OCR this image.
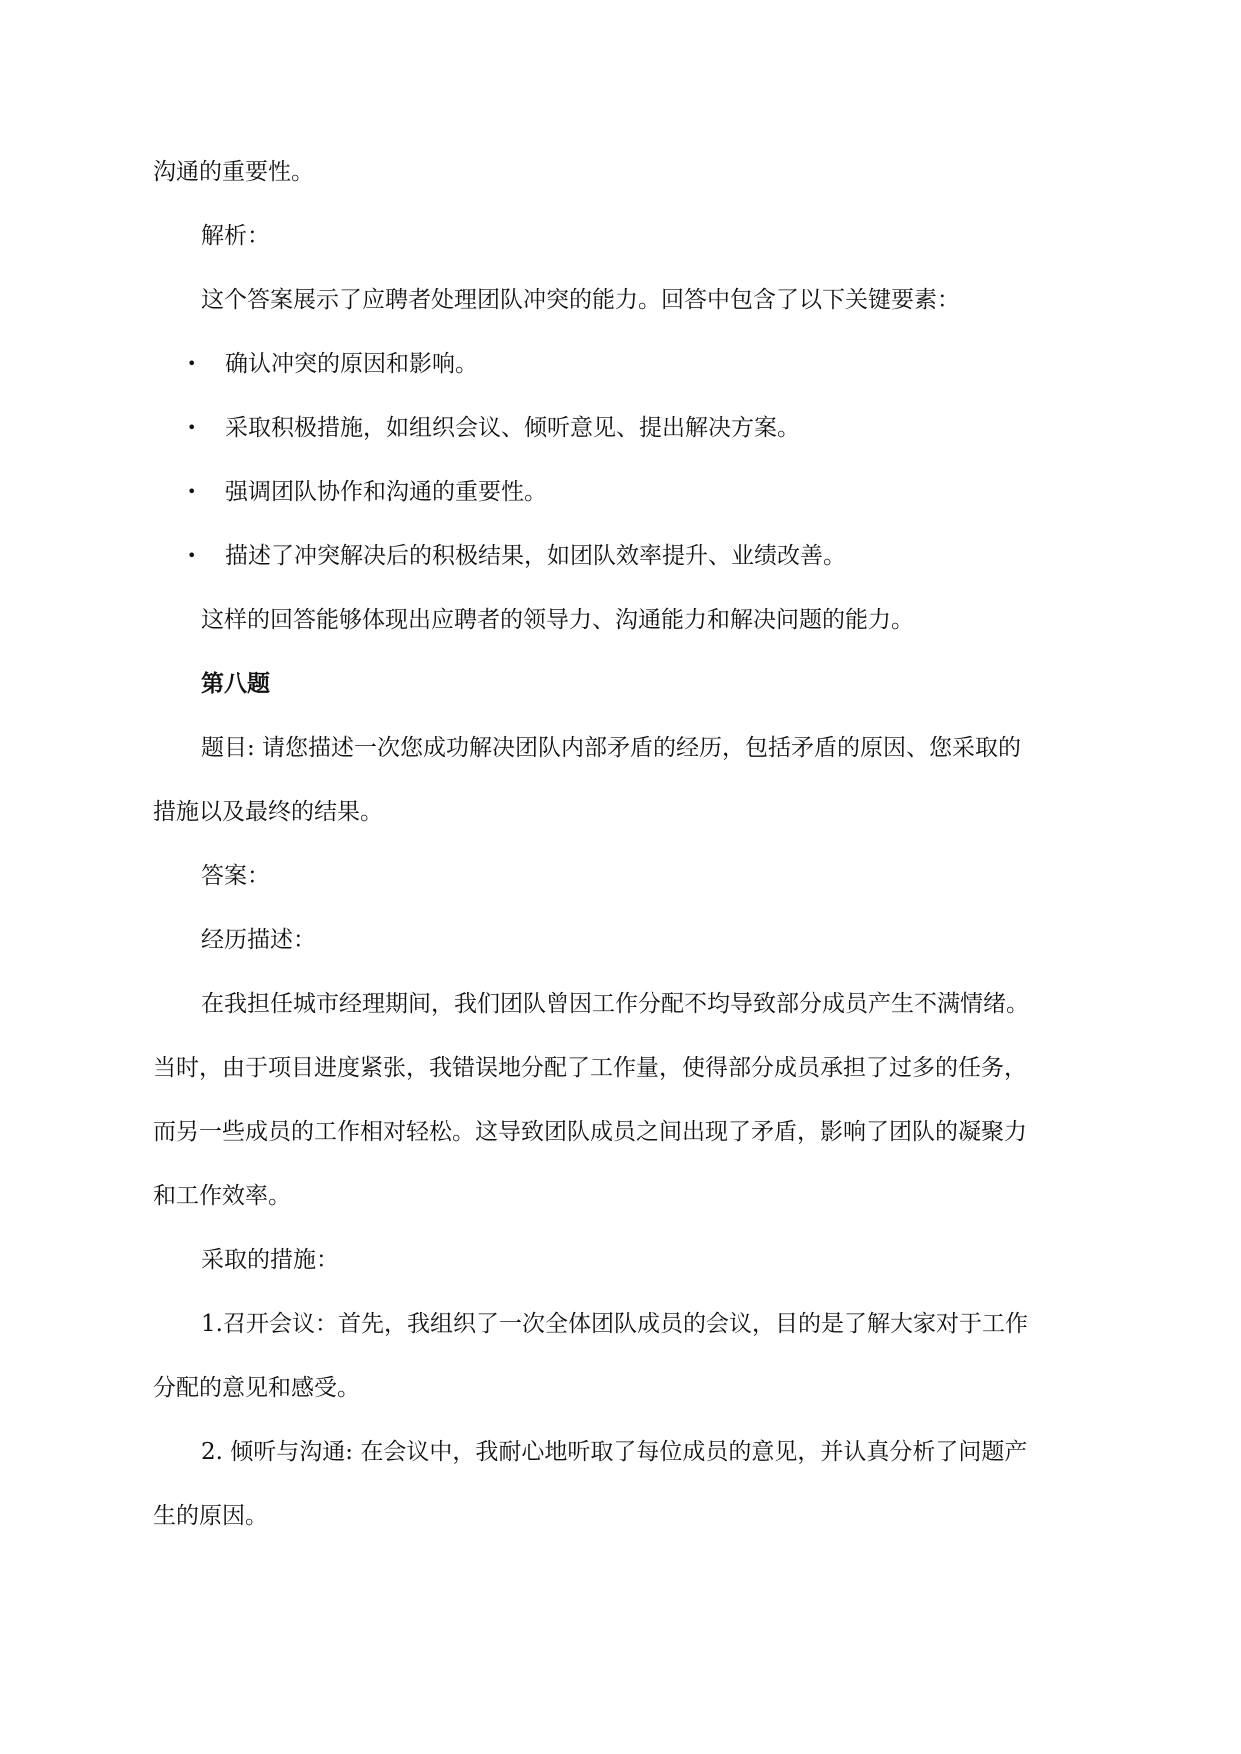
沟通的重要性。
解析：
这个答案展示了应聘者处理团队冲突的能力。回答中包含了以下关键要素：
• 确认冲突的原因和影响。
• 采取积极措施，如组织会议、倾听意见、提出解决方案。
• 强调团队协作和沟通的重要性。
• 描述了冲突解决后的积极结果，如团队效率提升、业绩改善。
这样的回答能够体现出应聘者的领导力、沟通能力和解决问题的能力。
第八题
题目: 请您描述一次您成功解决团队内部矛盾的经历，包括矛盾的原因、您采取的
措施以及最终的结果。
答案：
经历描述：
在我担任城市经理期间，我们团队曾因工作分配不均导致部分成员产生不满情绪。
当时，由于项目进度紧张，我错误地分配了工作量，使得部分成员承担了过多的任务，
而另一些成员的工作相对轻松。这导致团队成员之间出现了矛盾，影响了团队的凝聚力
和工作效率。
采取的措施：
1.召开会议：首先，我组织了一次全体团队成员的会议，目的是了解大家对于工作
分配的意见和感受。
2. 倾听与沟通: 在会议中，我耐心地听取了每位成员的意见，并认真分析了问题产
生的原因。
